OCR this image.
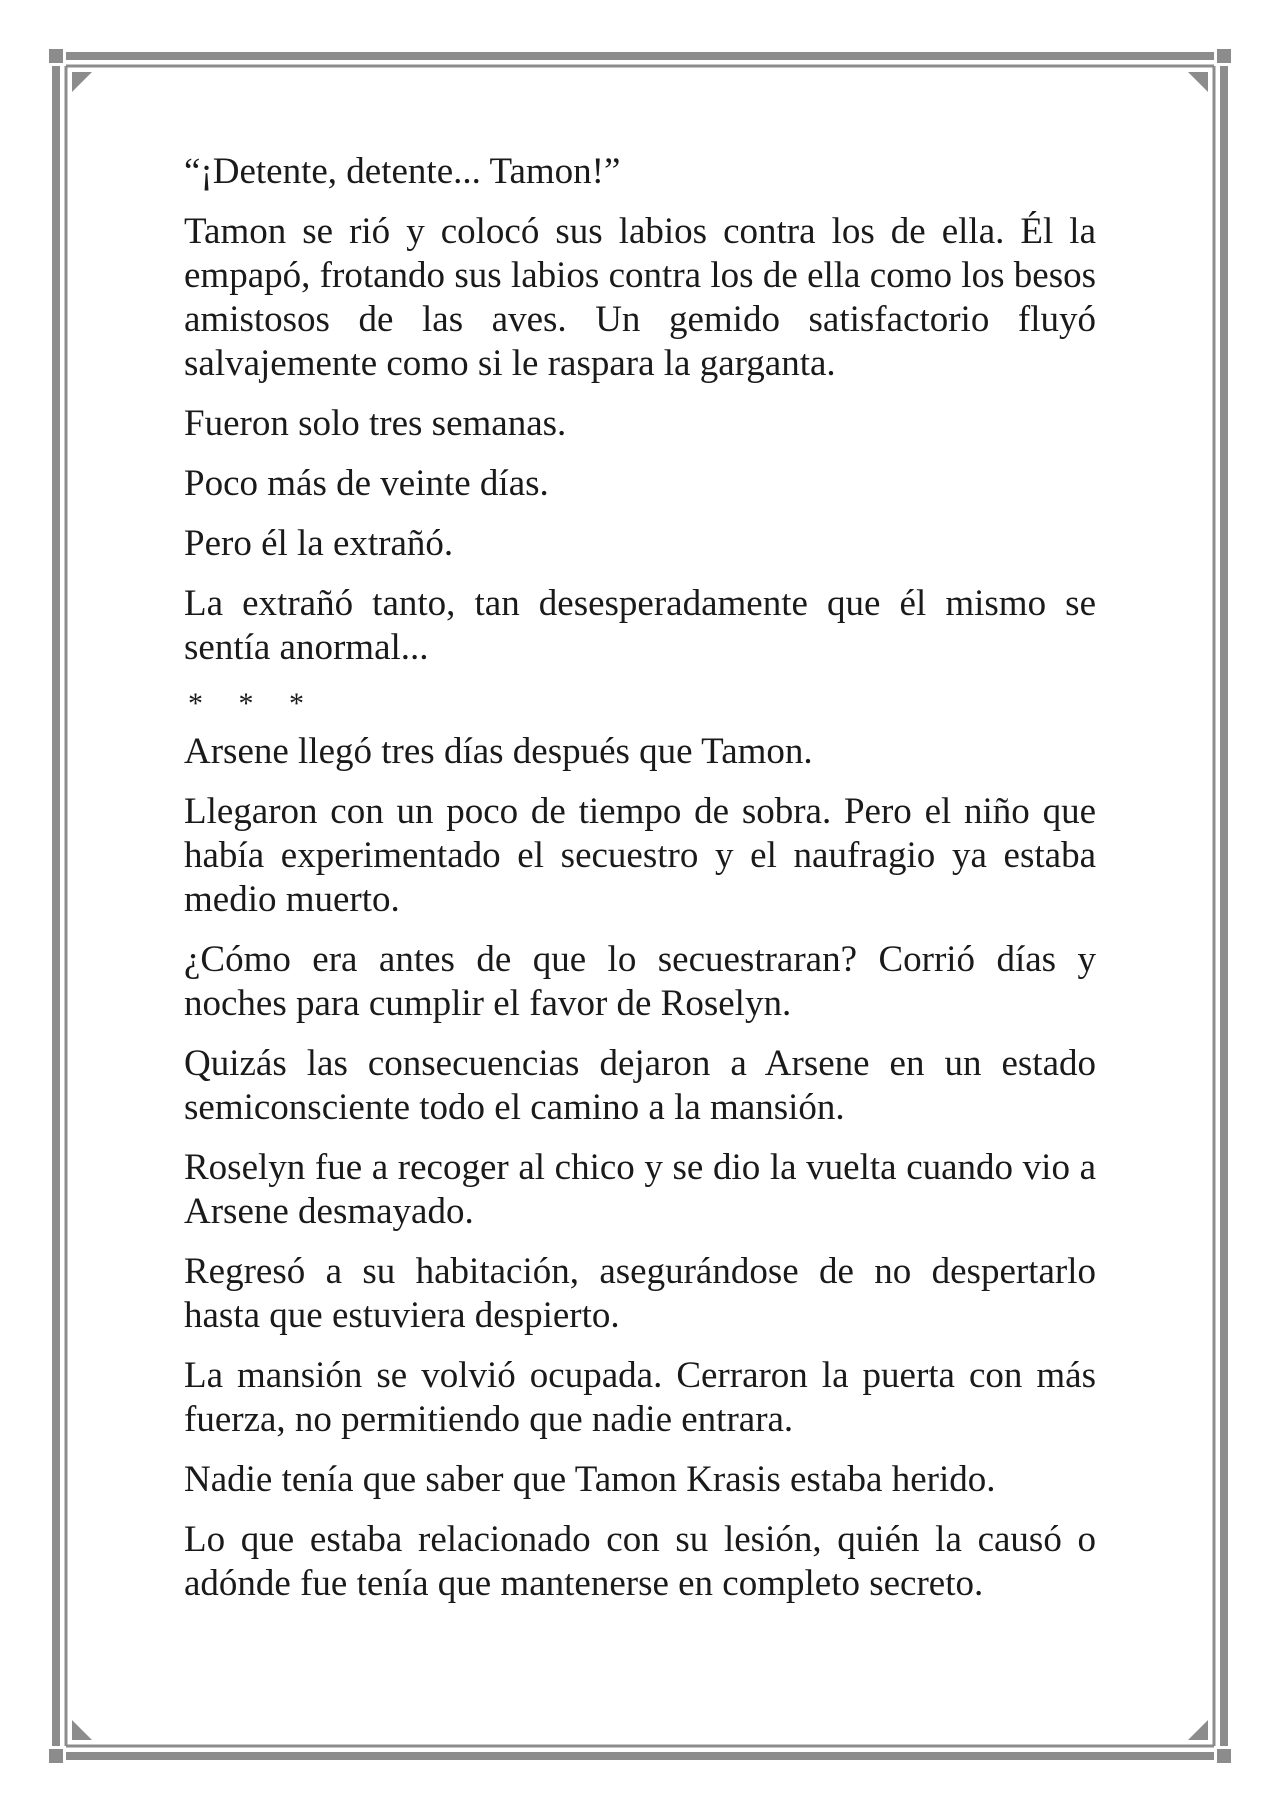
“¡Detente, detente... Tamon!”

Tamon se rió y colocó sus labios contra los de ella. Él la empapó, frotando sus labios contra los de ella como los besos amistosos de las aves. Un gemido satisfactorio fluyó salvajemente como si le raspara la garganta.

Fueron solo tres semanas.

Poco más de veinte días.

Pero él la extrañó.

La extrañó tanto, tan desesperadamente que él mismo se sentía anormal...

* * *

Arsene llegó tres días después que Tamon.

Llegaron con un poco de tiempo de sobra. Pero el niño que había experimentado el secuestro y el naufragio ya estaba medio muerto.

¿Cómo era antes de que lo secuestraran? Corrió días y noches para cumplir el favor de Roselyn.

Quizás las consecuencias dejaron a Arsene en un estado semiconsciente todo el camino a la mansión.

Roselyn fue a recoger al chico y se dio la vuelta cuando vio a Arsene desmayado.

Regresó a su habitación, asegurándose de no despertarlo hasta que estuviera despierto.

La mansión se volvió ocupada. Cerraron la puerta con más fuerza, no permitiendo que nadie entrara.

Nadie tenía que saber que Tamon Krasis estaba herido.

Lo que estaba relacionado con su lesión, quién la causó o adónde fue tenía que mantenerse en completo secreto.
